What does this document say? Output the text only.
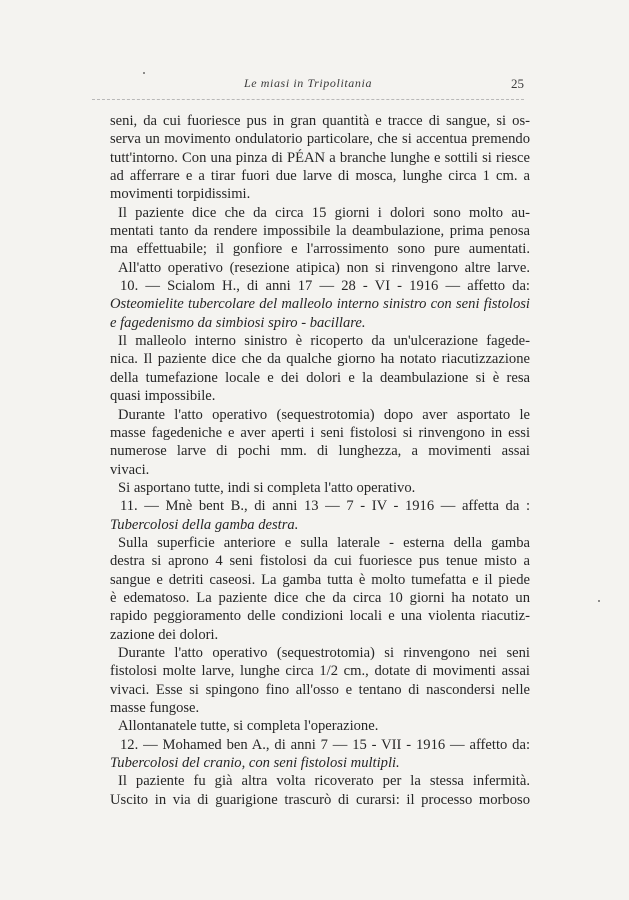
Le miasi in Tripolitania	25
seni, da cui fuoriesce pus in gran quantità e tracce di sangue, si os-
serva un movimento ondulatorio particolare, che si accentua premendo
tutt'intorno. Con una pinza di PÉAN a branche lunghe e sottili si riesce
ad afferrare e a tirar fuori due larve di mosca, lunghe circa 1 cm. a
movimenti torpidissimi.
Il paziente dice che da circa 15 giorni i dolori sono molto au-
mentati tanto da rendere impossibile la deambulazione, prima penosa
ma effettuabile; il gonfiore e l'arrossimento sono pure aumentati.
All'atto operativo (resezione atipica) non si rinvengono altre larve.
10. — Scialom H., di anni 17 — 28 - VI - 1916 — affetto da:
Osteomielite tubercolare del malleolo interno sinistro con seni fistolosi
e fagedenismo da simbiosi spiro - bacillare.
Il malleolo interno sinistro è ricoperto da un'ulcerazione fagede-
nica. Il paziente dice che da qualche giorno ha notato riacutizzazione
della tumefazione locale e dei dolori e la deambulazione si è resa
quasi impossibile.
Durante l'atto operativo (sequestrotomia) dopo aver asportato le
masse fagedeniche e aver aperti i seni fistolosi si rinvengono in essi
numerose larve di pochi mm. di lunghezza, a movimenti assai
vivaci.
Si asportano tutte, indi si completa l'atto operativo.
11. — Mnè bent B., di anni 13 — 7 - IV - 1916 — affetta da :
Tubercolosi della gamba destra.
Sulla superficie anteriore e sulla laterale - esterna della gamba
destra si aprono 4 seni fistolosi da cui fuoriesce pus tenue misto a
sangue e detriti caseosi. La gamba tutta è molto tumefatta e il piede
è edematoso. La paziente dice che da circa 10 giorni ha notato un
rapido peggioramento delle condizioni locali e una violenta riacutiz-
zazione dei dolori.
Durante l'atto operativo (sequestrotomia) si rinvengono nei seni
fistolosi molte larve, lunghe circa 1/2 cm., dotate di movimenti assai
vivaci. Esse si spingono fino all'osso e tentano di nascondersi nelle
masse fungose.
Allontanatele tutte, si completa l'operazione.
12. — Mohamed ben A., di anni 7 — 15 - VII - 1916 — affetto da:
Tubercolosi del cranio, con seni fistolosi multipli.
Il paziente fu già altra volta ricoverato per la stessa infermità.
Uscito in via di guarigione trascurò di curarsi: il processo morboso
